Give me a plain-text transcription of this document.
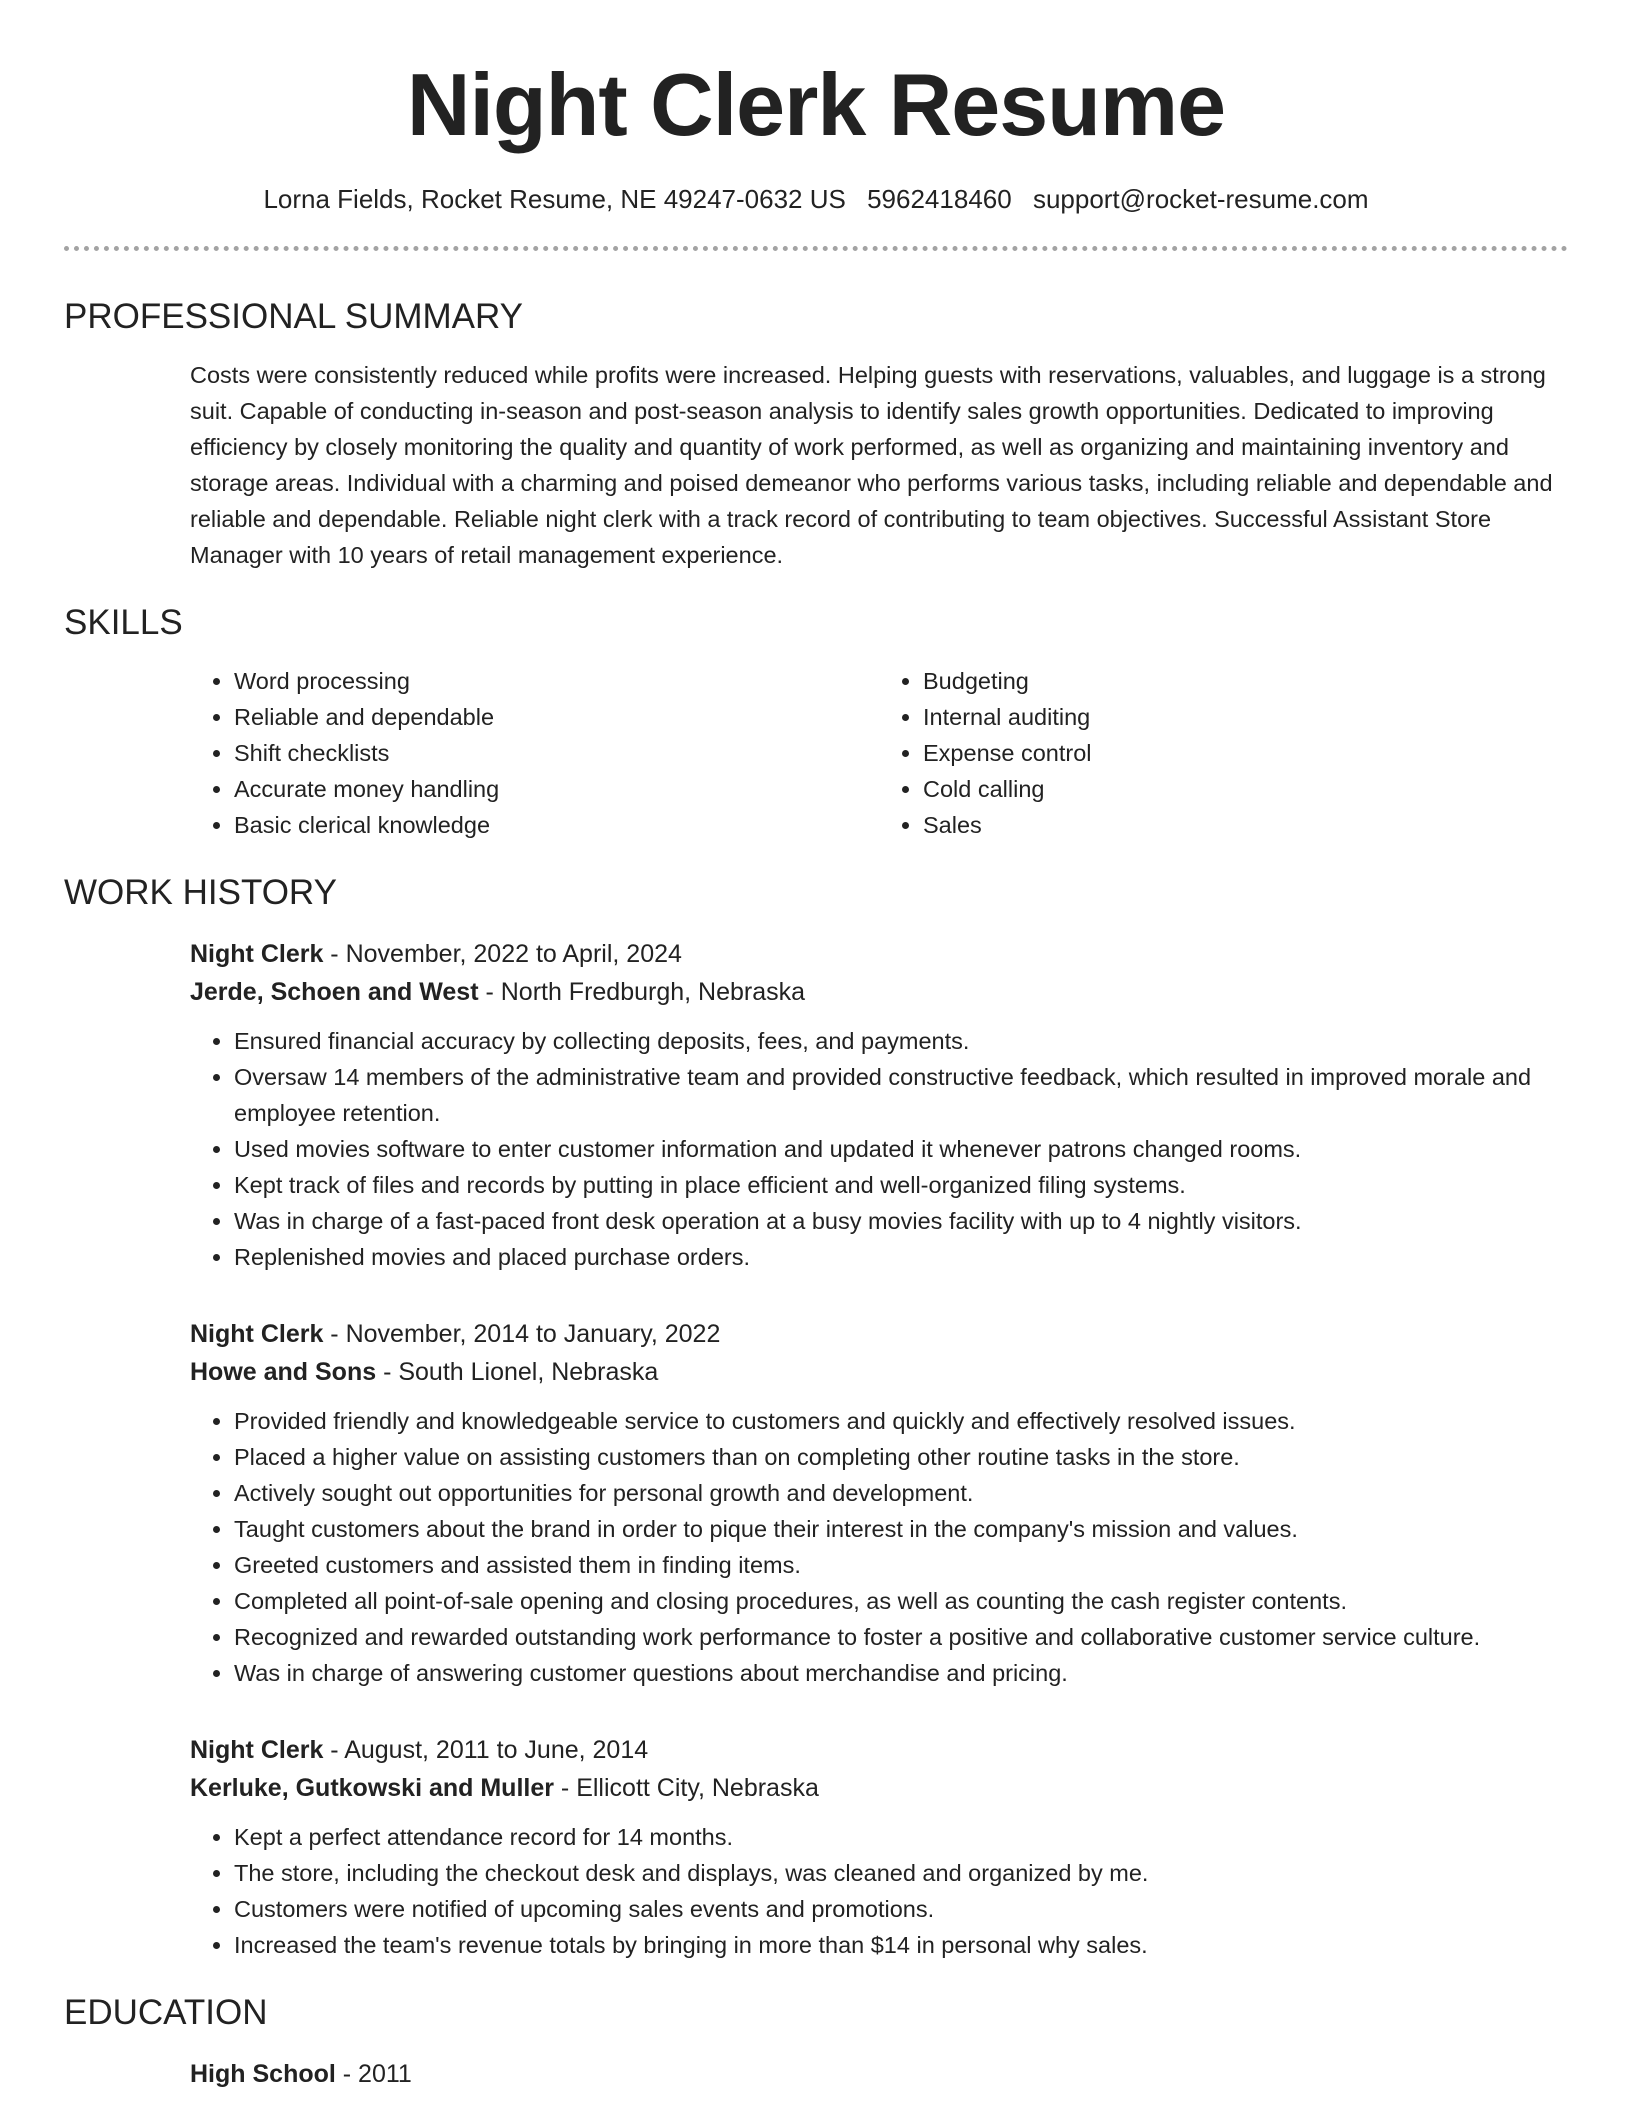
Night Clerk Resume
Lorna Fields, Rocket Resume, NE 49247-0632 US 5962418460 support@rocket-resume.com
PROFESSIONAL SUMMARY

Costs were consistently reduced while profits were increased. Helping guests with reservations, valuables, and luggage is a strong suit. Capable of conducting in-season and post-season analysis to identify sales growth opportunities. Dedicated to improving efficiency by closely monitoring the quality and quantity of work performed, as well as organizing and maintaining inventory and storage areas. Individual with a charming and poised demeanor who performs various tasks, including reliable and dependable and reliable and dependable. Reliable night clerk with a track record of contributing to team objectives. Successful Assistant Store Manager with 10 years of retail management experience.

SKILLS
• Word processing
• Reliable and dependable
• Shift checklists
• Accurate money handling
• Basic clerical knowledge
• Budgeting
• Internal auditing
• Expense control
• Cold calling
• Sales
WORK HISTORY
Night Clerk - November, 2022 to April, 2024
Jerde, Schoen and West - North Fredburgh, Nebraska
• Ensured financial accuracy by collecting deposits, fees, and payments.
• Oversaw 14 members of the administrative team and provided constructive feedback, which resulted in improved morale and employee retention.
• Used movies software to enter customer information and updated it whenever patrons changed rooms.
• Kept track of files and records by putting in place efficient and well-organized filing systems.
• Was in charge of a fast-paced front desk operation at a busy movies facility with up to 4 nightly visitors.
• Replenished movies and placed purchase orders.
Night Clerk - November, 2014 to January, 2022
Howe and Sons - South Lionel, Nebraska
• Provided friendly and knowledgeable service to customers and quickly and effectively resolved issues.
• Placed a higher value on assisting customers than on completing other routine tasks in the store.
• Actively sought out opportunities for personal growth and development.
• Taught customers about the brand in order to pique their interest in the company's mission and values.
• Greeted customers and assisted them in finding items.
• Completed all point-of-sale opening and closing procedures, as well as counting the cash register contents.
• Recognized and rewarded outstanding work performance to foster a positive and collaborative customer service culture.
• Was in charge of answering customer questions about merchandise and pricing.
Night Clerk - August, 2011 to June, 2014
Kerluke, Gutkowski and Muller - Ellicott City, Nebraska
• Kept a perfect attendance record for 14 months.
• The store, including the checkout desk and displays, was cleaned and organized by me.
• Customers were notified of upcoming sales events and promotions.
• Increased the team's revenue totals by bringing in more than $14 in personal why sales.
EDUCATION
High School - 2011
